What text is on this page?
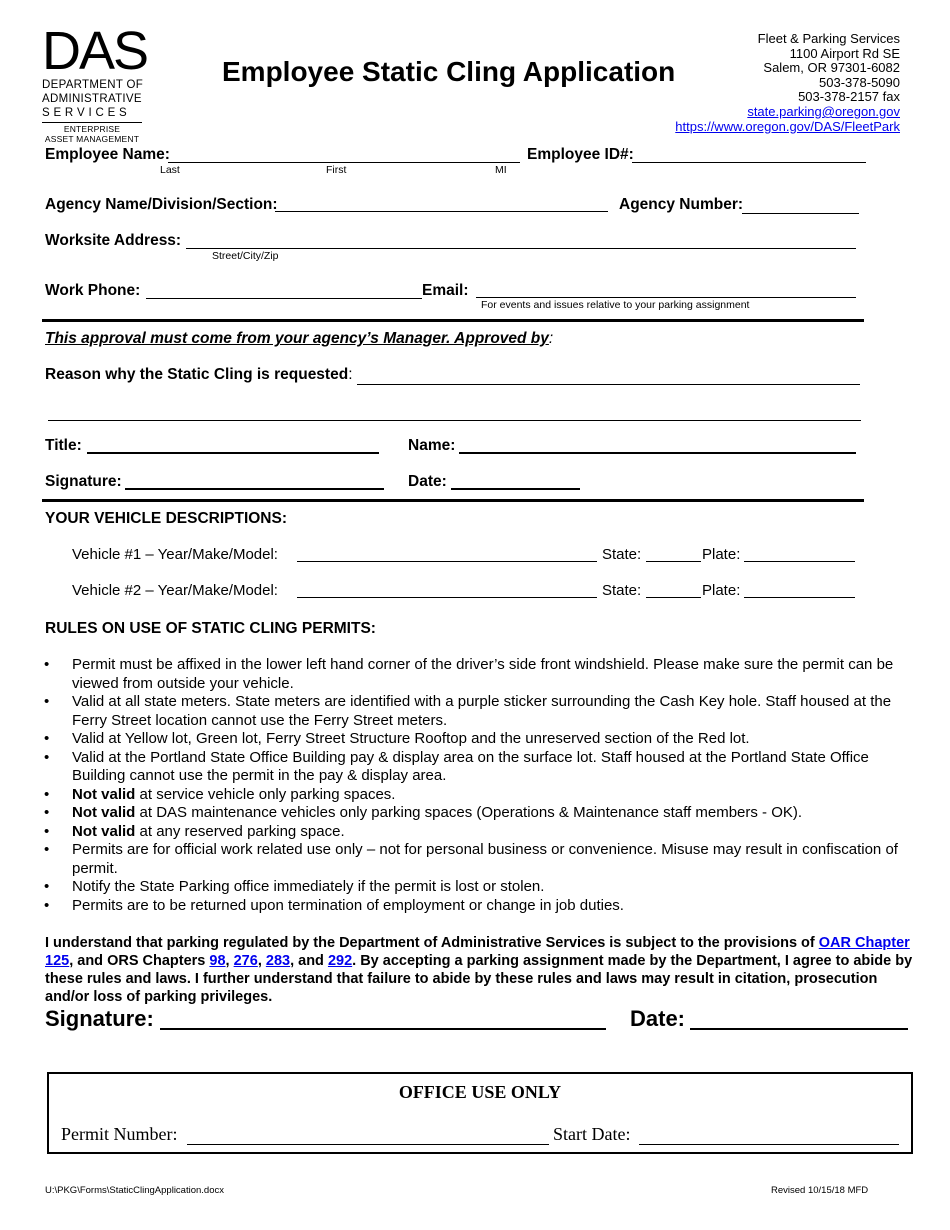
DAS
DEPARTMENT OF
ADMINISTRATIVE
S E R V I C E S
ENTERPRISE
ASSET MANAGEMENT
Employee Static Cling Application
Fleet & Parking Services
1100 Airport Rd SE
Salem, OR 97301-6082
503-378-5090
503-378-2157 fax
state.parking@oregon.gov
https://www.oregon.gov/DAS/FleetPark
Employee Name:
Last	First	MI
Employee ID#:
Agency Name/Division/Section:	Agency Number:
Worksite Address:
Street/City/Zip
Work Phone:	Email:
For events and issues relative to your parking assignment
This approval must come from your agency’s Manager. Approved by:
Reason why the Static Cling is requested:
Title:	Name:
Signature:	Date:
YOUR VEHICLE DESCRIPTIONS:
Vehicle #1 – Year/Make/Model:	State:	Plate:
Vehicle #2 – Year/Make/Model:	State:	Plate:
RULES ON USE OF STATIC CLING PERMITS:
• Permit must be affixed in the lower left hand corner of the driver’s side front windshield. Please make sure the permit can be viewed from outside your vehicle.
• Valid at all state meters. State meters are identified with a purple sticker surrounding the Cash Key hole. Staff housed at the Ferry Street location cannot use the Ferry Street meters.
• Valid at Yellow lot, Green lot, Ferry Street Structure Rooftop and the unreserved section of the Red lot.
• Valid at the Portland State Office Building pay & display area on the surface lot. Staff housed at the Portland State Office Building cannot use the permit in the pay & display area.
• Not valid at service vehicle only parking spaces.
• Not valid at DAS maintenance vehicles only parking spaces (Operations & Maintenance staff members - OK).
• Not valid at any reserved parking space.
• Permits are for official work related use only – not for personal business or convenience. Misuse may result in confiscation of permit.
• Notify the State Parking office immediately if the permit is lost or stolen.
• Permits are to be returned upon termination of employment or change in job duties.
I understand that parking regulated by the Department of Administrative Services is subject to the provisions of OAR Chapter 125, and ORS Chapters 98, 276, 283, and 292. By accepting a parking assignment made by the Department, I agree to abide by these rules and laws. I further understand that failure to abide by these rules and laws may result in citation, prosecution and/or loss of parking privileges.
Signature:	Date:
OFFICE USE ONLY
Permit Number:	Start Date:
U:\PKG\Forms\StaticClingApplication.docx	Revised 10/15/18 MFD
